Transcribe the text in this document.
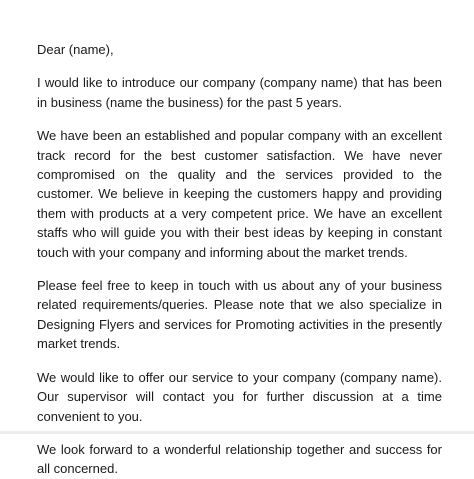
Dear (name),

I would like to introduce our company (company name) that has been in business (name the business) for the past 5 years.

We have been an established and popular company with an excellent track record for the best customer satisfaction. We have never compromised on the quality and the services provided to the customer. We believe in keeping the customers happy and providing them with products at a very competent price. We have an excellent staffs who will guide you with their best ideas by keeping in constant touch with your company and informing about the market trends.

Please feel free to keep in touch with us about any of your business related requirements/queries. Please note that we also specialize in Designing Flyers and services for Promoting activities in the presently market trends.

We would like to offer our service to your company (company name). Our supervisor will contact you for further discussion at a time convenient to you.

We look forward to a wonderful relationship together and success for all concerned.
